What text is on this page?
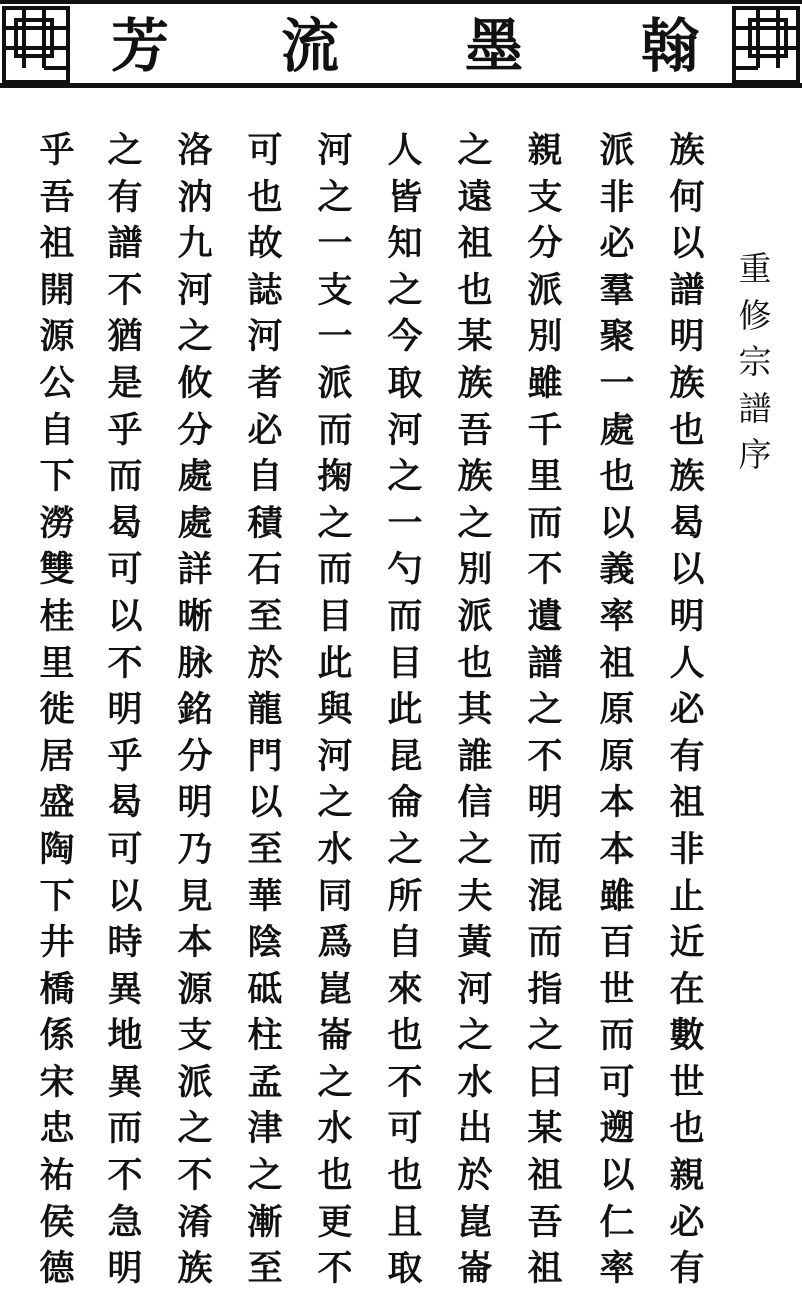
芳 流 墨 翰
重
修
宗
譜
序
族
何
以
譜
明
族
也
族
曷
以
明
人
必
有
祖
非
止
近
在
數
世
也
親
必
有
派
非
必
羣
聚
一
處
也
以
義
率
祖
原
原
本
本
雖
百
世
而
可
遡
以
仁
率
親
支
分
派
別
雖
千
里
而
不
遺
譜
之
不
明
而
混
而
指
之
曰
某
祖
吾
祖
之
遠
祖
也
某
族
吾
族
之
別
派
也
其
誰
信
之
夫
黃
河
之
水
出
於
崑
崙
人
皆
知
之
今
取
河
之
一
勺
而
目
此
昆
侖
之
所
自
來
也
不
可
也
且
取
河
之
一
支
一
派
而
掬
之
而
目
此
與
河
之
水
同
爲
崑
崙
之
水
也
更
不
可
也
故
誌
河
者
必
自
積
石
至
於
龍
門
以
至
華
陰
砥
柱
孟
津
之
漸
至
洛
汭
九
河
之
攸
分
處
處
詳
晰
脉
銘
分
明
乃
見
本
源
支
派
之
不
淆
族
之
有
譜
不
猶
是
乎
而
曷
可
以
不
明
乎
曷
可
以
時
異
地
異
而
不
急
明
乎
吾
祖
開
源
公
自
下
澇
雙
桂
里
徙
居
盛
陶
下
井
橋
係
宋
忠
祐
侯
德
